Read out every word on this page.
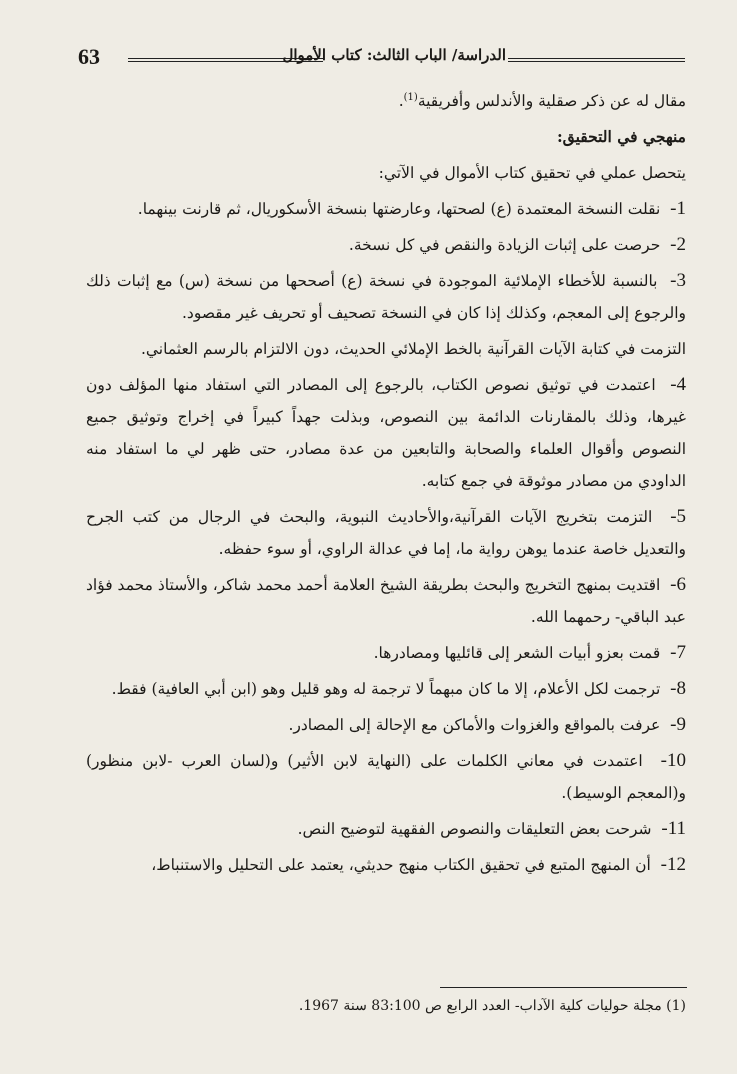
63	الدراسة/ الباب الثالث: كتاب الأموال

مقال له عن ذكر صقلية والأندلس وأفريقية$^{(1)}$.

منهجي في التحقيق:

يتحصل عملي في تحقيق كتاب الأموال في الآتي:

1-  نقلت النسخة المعتمدة (ع) لصحتها، وعارضتها بنسخة الأسكوريال، ثم قارنت بينهما.

2-  حرصت على إثبات الزيادة والنقص في كل نسخة.

3-  بالنسبة للأخطاء الإملائية الموجودة في نسخة (ع) أصححها من نسخة (س) مع إثبات ذلك والرجوع إلى المعجم، وكذلك إذا كان في النسخة تصحيف أو تحريف غير مقصود.

التزمت في كتابة الآيات القرآنية بالخط الإملائي الحديث، دون الالتزام بالرسم العثماني.

4-  اعتمدت في توثيق نصوص الكتاب، بالرجوع إلى المصادر التي استفاد منها المؤلف دون غيرها، وذلك بالمقارنات الدائمة بين النصوص، وبذلت جهداً كبيراً في إخراج وتوثيق جميع النصوص وأقوال العلماء والصحابة والتابعين من عدة مصادر، حتى ظهر لي ما استفاد منه الداودي من مصادر موثوقة في جمع كتابه.

5-  التزمت بتخريج الآيات القرآنية،والأحاديث النبوية، والبحث في الرجال من كتب الجرح والتعديل خاصة عندما يوهن رواية ما، إما في عدالة الراوي، أو سوء حفظه.

6-  اقتديت بمنهج التخريج والبحث بطريقة الشيخ العلامة أحمد محمد شاكر، والأستاذ محمد فؤاد عبد الباقي- رحمهما الله.

7-  قمت بعزو أبيات الشعر إلى قائليها ومصادرها.

8-  ترجمت لكل الأعلام، إلا ما كان مبهماً لا ترجمة له وهو قليل وهو (ابن أبي العافية) فقط.

9-  عرفت بالمواقع والغزوات والأماكن مع الإحالة إلى المصادر.

10-  اعتمدت في معاني الكلمات على (النهاية لابن الأثير) و(لسان العرب -لابن منظور) و(المعجم الوسيط).

11-  شرحت بعض التعليقات والنصوص الفقهية لتوضيح النص.

12-  أن المنهج المتبع في تحقيق الكتاب منهج حديثي، يعتمد على التحليل والاستنباط،

(1) مجلة حوليات كلية الآداب- العدد الرابع ص 83:100 سنة 1967.
